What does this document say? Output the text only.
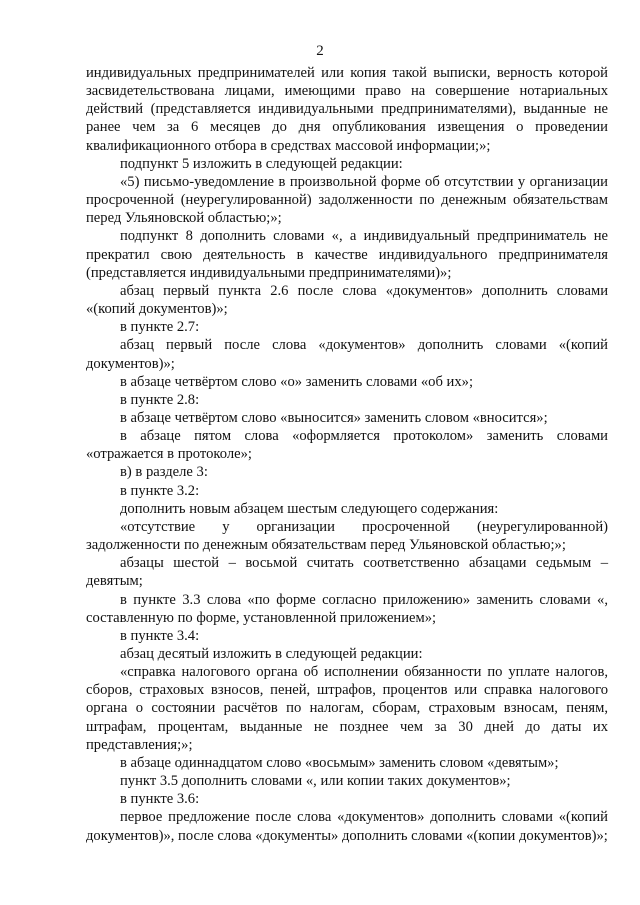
2

индивидуальных предпринимателей или копия такой выписки, верность которой засвидетельствована лицами, имеющими право на совершение нотариальных действий (представляется индивидуальными предпринимателями), выданные не ранее чем за 6 месяцев до дня опубликования извещения о проведении квалификационного отбора в средствах массовой информации;»;

подпункт 5 изложить в следующей редакции:

«5) письмо-уведомление в произвольной форме об отсутствии у организации просроченной (неурегулированной) задолженности по денежным обязательствам перед Ульяновской областью;»;

подпункт 8 дополнить словами «, а индивидуальный предприниматель не прекратил свою деятельность в качестве индивидуального предпринимателя (представляется индивидуальными предпринимателями)»;

абзац первый пункта 2.6 после слова «документов» дополнить словами «(копий документов)»;

в пункте 2.7:

абзац первый после слова «документов» дополнить словами «(копий документов)»;

в абзаце четвёртом слово «о» заменить словами «об их»;

в пункте 2.8:

в абзаце четвёртом слово «выносится» заменить словом «вносится»;

в абзаце пятом слова «оформляется протоколом» заменить словами «отражается в протоколе»;

в) в разделе 3:

в пункте 3.2:

дополнить новым абзацем шестым следующего содержания:

«отсутствие у организации просроченной (неурегулированной) задолженности по денежным обязательствам перед Ульяновской областью;»;

абзацы шестой – восьмой считать соответственно абзацами седьмым – девятым;

в пункте 3.3 слова «по форме согласно приложению» заменить словами «, составленную по форме, установленной приложением»;

в пункте 3.4:

абзац десятый изложить в следующей редакции:

«справка налогового органа об исполнении обязанности по уплате налогов, сборов, страховых взносов, пеней, штрафов, процентов или справка налогового органа о состоянии расчётов по налогам, сборам, страховым взносам, пеням, штрафам, процентам, выданные не позднее чем за 30 дней до даты их представления;»;

в абзаце одиннадцатом слово «восьмым» заменить словом «девятым»;

пункт 3.5 дополнить словами «, или копии таких документов»;

в пункте 3.6:

первое предложение после слова «документов» дополнить словами «(копий документов)», после слова «документы» дополнить словами «(копии документов)»;
